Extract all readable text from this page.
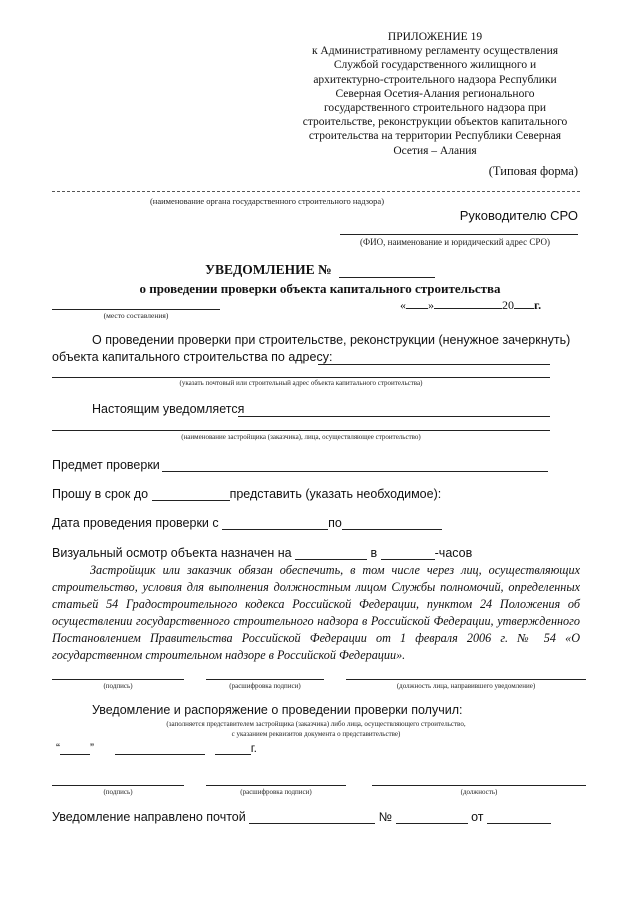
ПРИЛОЖЕНИЕ 19
к Административному регламенту осуществления
Службой государственного жилищного и
архитектурно-строительного надзора Республики
Северная Осетия-Алания регионального
государственного строительного надзора при
строительстве, реконструкции объектов капитального
строительства на территории Республики Северная
Осетия – Алания
(Типовая форма)
(наименование органа государственного строительного надзора)
Руководителю СРО
(ФИО, наименование и юридический адрес СРО)
УВЕДОМЛЕНИЕ №
о проведении проверки объекта капитального строительства
(место составления)
« »	20 г.
О проведении проверки при строительстве, реконструкции (ненужное зачеркнуть)
объекта капитального строительства по адресу:
(указать почтовый или строительный адрес объекта капитального строительства)
Настоящим уведомляется
(наименование застройщика (заказчика), лица, осуществляющее строительство)
Предмет проверки
Прошу в срок до	представить (указать необходимое):
Дата проведения проверки с	по
Визуальный осмотр объекта назначен на	в	-часов
Застройщик или заказчик обязан обеспечить, в том числе через лиц, осуществляющих строительство, условия для выполнения должностным лицом Службы полномочий, определенных статьей 54 Градостроительного кодекса Российской Федерации, пунктом 24 Положения об осуществлении государственного строительного надзора в Российской Федерации, утвержденного Постановлением Правительства Российской Федерации от 1 февраля 2006 г. № 54 «О государственном строительном надзоре в Российской Федерации».
(подпись)	(расшифровка подписи)	(должность лица, направившего уведомление)
Уведомление и распоряжение о проведении проверки получил:
(заполняется представителем застройщика (заказчика) либо лица, осуществляющего строительство,
с указанием реквизитов документа о представительстве)
“	”	г.
(подпись)	(расшифровка подписи)	(должность)
Уведомление направлено почтой	№	от
